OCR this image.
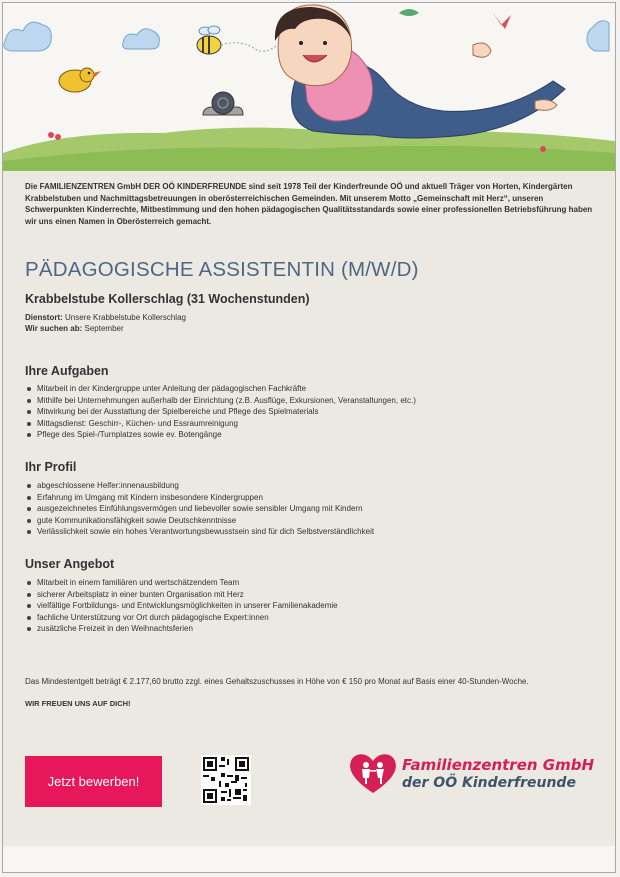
Die FAMILIENZENTREN GmbH DER OÖ KINDERFREUNDE sind seit 1978 Teil der Kinderfreunde OÖ und aktuell Träger von Horten, Kindergärten Krabbelstuben und Nachmittagsbetreuungen in oberösterreichischen Gemeinden. Mit unserem Motto „Gemeinschaft mit Herz“, unseren Schwerpunkten Kinderrechte, Mitbestimmung und den hohen pädagogischen Qualitätsstandards sowie einer professionellen Betriebsführung haben wir uns einen Namen in Oberösterreich gemacht.

PÄDAGOGISCHE ASSISTENTIN (M/W/D)
Krabbelstube Kollerschlag (31 Wochenstunden)
Dienstort: Unsere Krabbelstube Kollerschlag
Wir suchen ab: September
Ihre Aufgaben
Mitarbeit in der Kindergruppe unter Anleitung der pädagogischen Fachkräfte
Mithilfe bei Unternehmungen außerhalb der Einrichtung (z.B. Ausflüge, Exkursionen, Veranstaltungen, etc.)
Mitwirkung bei der Ausstattung der Spielbereiche und Pflege des Spielmaterials
Mittagsdienst: Geschirr-, Küchen- und Essraumreinigung
Pflege des Spiel-/Turnplatzes sowie ev. Botengänge
Ihr Profil
abgeschlossene Helfer:innenausbildung
Erfahrung im Umgang mit Kindern insbesondere Kindergruppen
ausgezeichnetes Einfühlungsvermögen und liebevoller sowie sensibler Umgang mit Kindern
gute Kommunikationsfähigkeit sowie Deutschkenntnisse
Verlässlichkeit sowie ein hohes Verantwortungsbewusstsein sind für dich Selbstverständlichkeit
Unser Angebot
Mitarbeit in einem familiären und wertschätzendem Team
sicherer Arbeitsplatz in einer bunten Organisation mit Herz
vielfältige Fortbildungs- und Entwicklungsmöglichkeiten in unserer Familienakademie
fachliche Unterstützung vor Ort durch pädagogische Expert:innen
zusätzliche Freizeit in den Weihnachtsferien
Das Mindestentgelt beträgt € 2.177,60 brutto zzgl. eines Gehaltszuschusses in Höhe von € 150 pro Monat auf Basis einer 40-Stunden-Woche.
WIR FREUEN UNS AUF DICH!
Jetzt bewerben!
Familienzentren GmbH
der OÖ Kinderfreunde
